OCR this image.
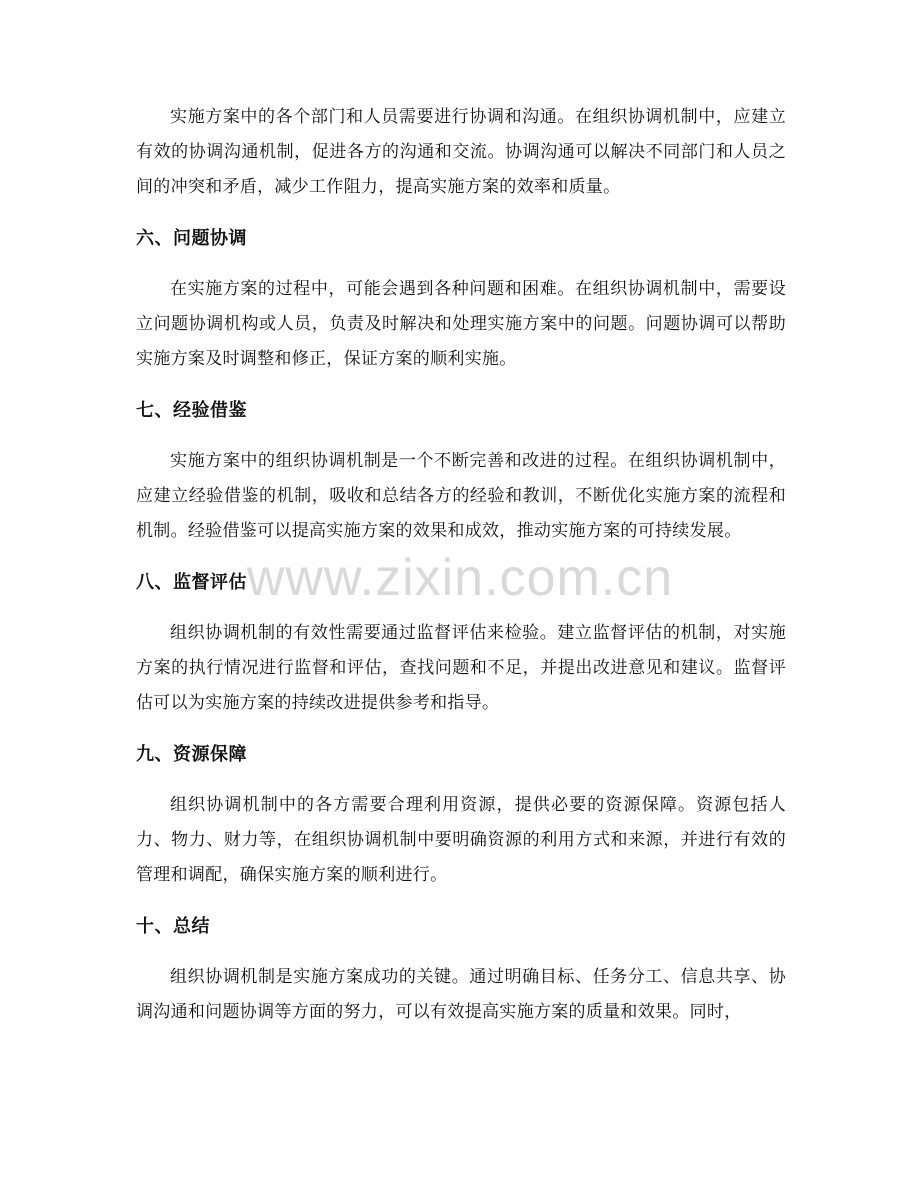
实施方案中的各个部门和人员需要进行协调和沟通。在组织协调机制中，应建立有效的协调沟通机制，促进各方的沟通和交流。协调沟通可以解决不同部门和人员之间的冲突和矛盾，减少工作阻力，提高实施方案的效率和质量。

六、问题协调

在实施方案的过程中，可能会遇到各种问题和困难。在组织协调机制中，需要设立问题协调机构或人员，负责及时解决和处理实施方案中的问题。问题协调可以帮助实施方案及时调整和修正，保证方案的顺利实施。

七、经验借鉴

实施方案中的组织协调机制是一个不断完善和改进的过程。在组织协调机制中，应建立经验借鉴的机制，吸收和总结各方的经验和教训，不断优化实施方案的流程和机制。经验借鉴可以提高实施方案的效果和成效，推动实施方案的可持续发展。

八、监督评估

组织协调机制的有效性需要通过监督评估来检验。建立监督评估的机制，对实施方案的执行情况进行监督和评估，查找问题和不足，并提出改进意见和建议。监督评估可以为实施方案的持续改进提供参考和指导。

九、资源保障

组织协调机制中的各方需要合理利用资源，提供必要的资源保障。资源包括人力、物力、财力等，在组织协调机制中要明确资源的利用方式和来源，并进行有效的管理和调配，确保实施方案的顺利进行。

十、总结

组织协调机制是实施方案成功的关键。通过明确目标、任务分工、信息共享、协调沟通和问题协调等方面的努力，可以有效提高实施方案的质量和效果。同时，

www.zixin.com.cn
